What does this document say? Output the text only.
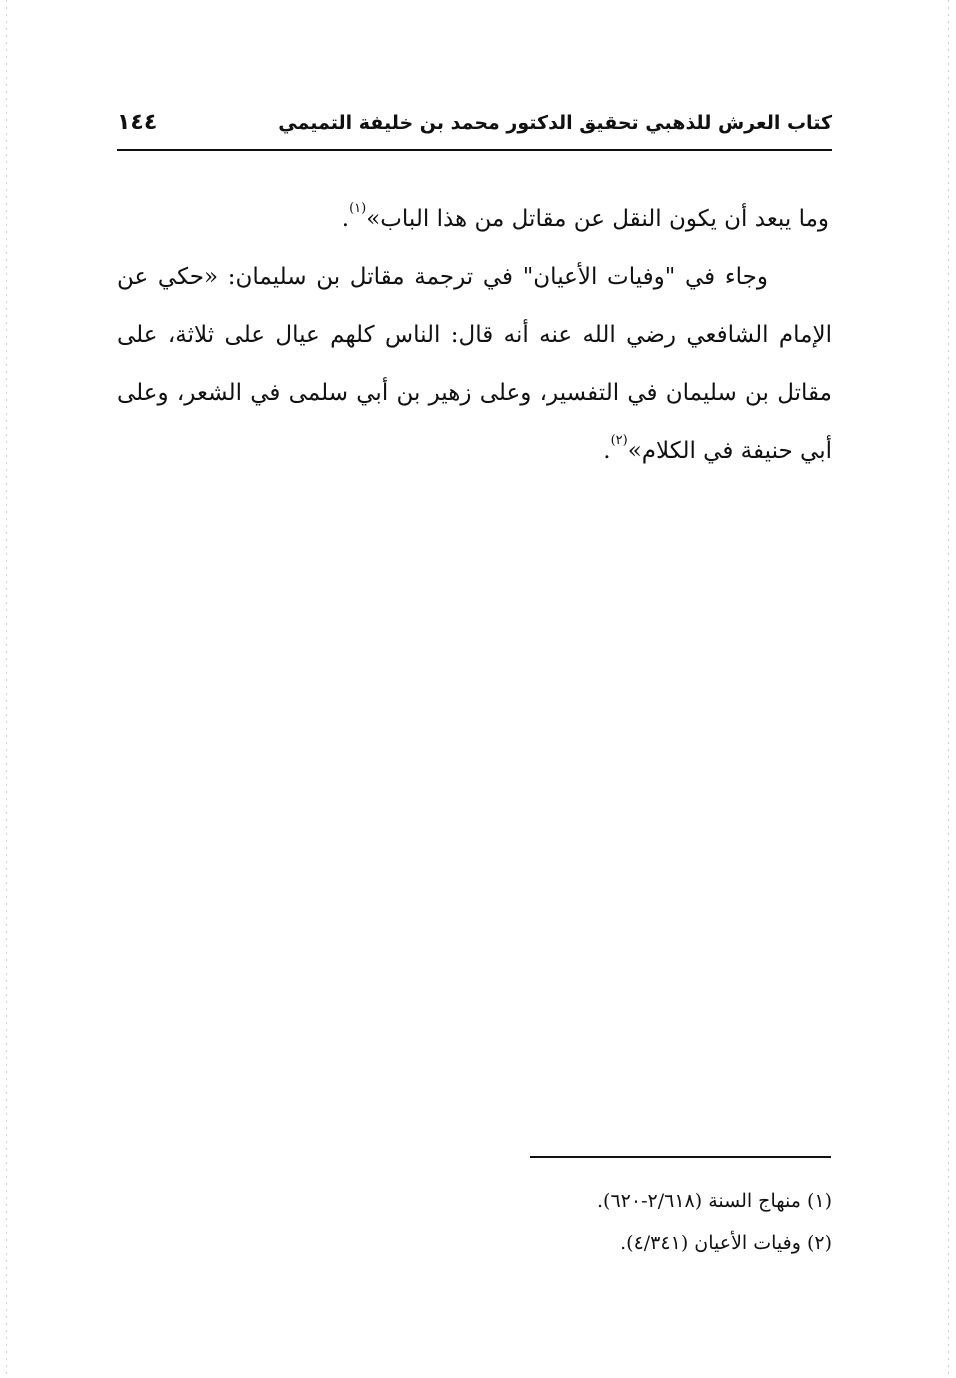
كتاب العرش للذهبي تحقيق الدكتور محمد بن خليفة التميمي
١٤٤
وما يبعد أن يكون النقل عن مقاتل من هذا الباب»$^{(١)}$.
وجاء في "وفيات الأعيان" في ترجمة مقاتل بن سليمان: «حكي عن
الإمام الشافعي رضي الله عنه أنه قال: الناس كلهم عيال على ثلاثة، على
مقاتل بن سليمان في التفسير، وعلى زهير بن أبي سلمى في الشعر، وعلى
أبي حنيفة في الكلام»$^{(٢)}$.
(١) منهاج السنة (٢/٦١٨-٦٢٠).
(٢) وفيات الأعيان (٤/٣٤١).
